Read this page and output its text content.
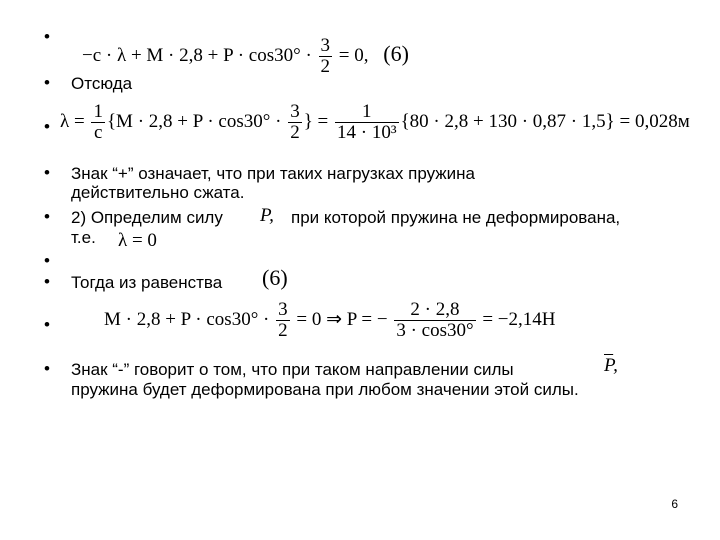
•
$-c \cdot \lambda + M \cdot 2,8 + P \cdot \cos 30^\circ \cdot \frac{3}{2} = 0$, (6)
• Отсюда
• $\lambda = \frac{1}{c} \{M \cdot 2,8 + P \cdot \cos 30^\circ \cdot \frac{3}{2}$ } = $\frac{1}{\text{14 · 10³}} \{80 \cdot 2,8 + 130 \cdot 0,87 \cdot 1,5\} = 0,028м$
• Знак “+” означает, что при таких нагрузках пружина
действительно сжата.
• 2) Определим силу P, при которой пружина не деформирована,
т.е. λ = 0
•
• Тогда из равенства (6)
•	$M \cdot 2,8 + P \cdot \cos 30^\circ \cdot \frac{3}{2} = 0$ ⇒ P = − $\frac{2 \cdot 2,8}{3 \cdot \cos 30^\circ} = -2,14Н$
• Знак “-” говорит о том, что при таком направлении силы	$\overline{P}$,
пружина будет деформирована при любом значении этой силы.
6
